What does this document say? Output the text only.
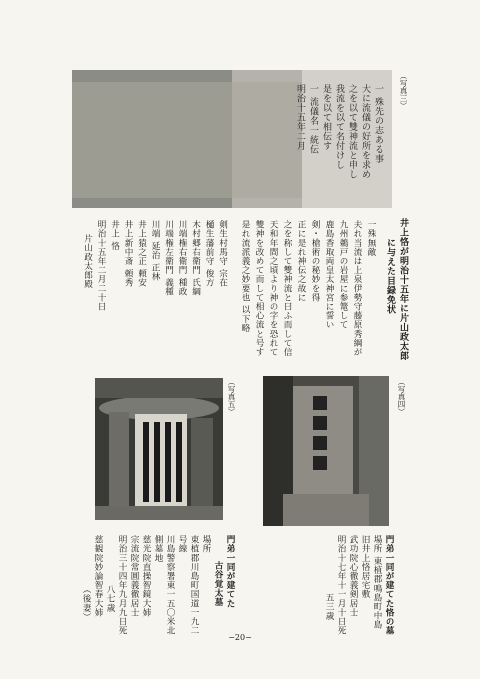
一 殊先の志ある事
大に流儀の好所を求め
之を以て雙神流と申し
我流を以て名付けし
是を以て相伝す
一 流儀名一統伝
明治十五年二月	（写真三）
井上恪が明治十五年に片山政太郎
に与えた目録免状
一殊無敵
夫れ当流は上泉伊勢守藤原秀綱が
九州鵜戸の岩屋に参篭して
鹿島香取両皇太神宮に誓い
剣・槍術の秘妙を得
正に是れ神伝之故に
之を称して雙神流と曰ふ而して信
天和年間之頃より神の字を恐れて
雙神を改めて而して相心流と号す
是れ流派義之妙要也 以下略
剣生村馬守 宗在
樋生藩前守 俊方
木村郷右衛門 氏綱
川端権右衛門 種政
川端権左衛門 義種
川端 延治 正林
井上猿之正 頼安
井上新中斎 頼秀
井上 恪
明治十五年二月二十日
片山政太郎殿
（写真五）	（写真四）
門弟一同が建てた恪の墓
場所 東植郡鳴島町中島
旧井上恪居宅敷
武功院心徹義剣居士
明治十七年十一月十日死
五三歳
門弟一同が建てた
古谷覚太墓
場所
東植郡川島町国道一九二
号線
川島警察署東一五〇米北
側墓地
慈光院直操智鏡大姉
宗流院常圓義徹居士
明治三十四年九月九日死
八七歳
慈観院妙論智春大姉
（後妻）
−20−
